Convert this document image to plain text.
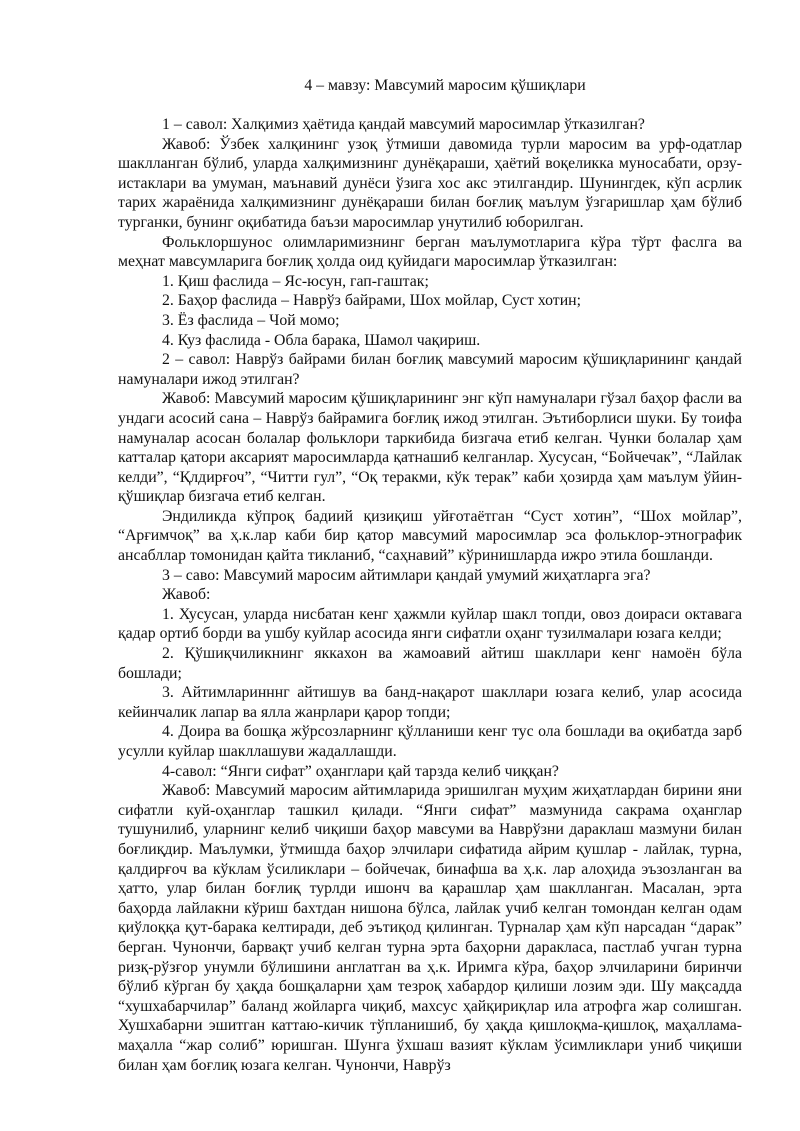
4 – мавзу: Мавсумий маросим қўшиқлари

1 – савол: Халқимиз ҳаётида қандай мавсумий маросимлар ўтказилган?

Жавоб: Ўзбек халқининг узоқ ўтмиши давомида турли маросим ва урф-одатлар шаклланган бўлиб, уларда халқимизнинг дунёқараши, ҳаётий воқеликка муносабати, орзу-истаклари ва умуман, маънавий дунёси ўзига хос акс этилгандир. Шунингдек, кўп асрлик тарих жараёнида халқимизнинг дунёқараши билан боғлиқ маълум ўзгаришлар ҳам бўлиб турганки, бунинг оқибатида баъзи маросимлар унутилиб юборилган.

Фольклоршунос олимларимизнинг берган маълумотларига кўра тўрт фаслга ва меҳнат мавсумларига боғлиқ ҳолда оид қуйидаги маросимлар ўтказилган:

1. Қиш фаслида – Яс-юсун, гап-гаштак;

2. Баҳор фаслида – Наврўз байрами, Шох мойлар, Суст хотин;

3. Ёз фаслида – Чой момо;

4. Куз фаслида - Обла барака, Шамол чақириш.

2 – савол: Наврўз байрами билан боғлиқ мавсумий маросим қўшиқларининг қандай намуналари ижод этилган?

Жавоб: Мавсумий маросим қўшиқларининг энг кўп намуналари гўзал баҳор фасли ва ундаги асосий сана – Наврўз байрамига боғлиқ ижод этилган. Эътиборлиси шуки. Бу тоифа намуналар асосан болалар фольклори таркибида бизгача етиб келган. Чунки болалар ҳам катталар қатори аксарият маросимларда қатнашиб келганлар. Хусусан, “Бойчечак”, “Лайлак келди”, “Қлдирғоч”, “Читти гул”, “Оқ теракми, кўк терак” каби ҳозирда ҳам маълум ўйин-қўшиқлар бизгача етиб келган.

Эндиликда кўпроқ бадиий қизиқиш уйғотаётган “Суст хотин”, “Шох мойлар”, “Арғимчоқ” ва ҳ.к.лар каби бир қатор мавсумий маросимлар эса фольклор-этнографик ансабллар томонидан қайта тикланиб, “саҳнавий” кўринишларда ижро этила бошланди.

3 – саво: Мавсумий маросим айтимлари қандай умумий жиҳатларга эга?

Жавоб:

1. Хусусан, уларда нисбатан кенг ҳажмли куйлар шакл топди, овоз доираси октавага қадар ортиб борди ва ушбу куйлар асосида янги сифатли оҳанг тузилмалари юзага келди;

2. Қўшиқчиликнинг яккахон ва жамоавий айтиш шакллари кенг намоён бўла бошлади;

3. Айтимларинннг айтишув ва банд-нақарот шакллари юзага келиб, улар асосида кейинчалик лапар ва ялла жанрлари қарор топди;

4. Доира ва бошқа жўрсозларнинг қўлланиши кенг тус ола бошлади ва оқибатда зарб усулли куйлар шакллашуви жадаллашди.

4-савол: “Янги сифат” оҳанглари қай тарзда келиб чиққан?

Жавоб: Мавсумий маросим айтимларида эришилган муҳим жиҳатлардан бирини яни сифатли куй-оҳанглар ташкил қилади. “Янги сифат” мазмунида сакрама оҳанглар тушунилиб, уларнинг келиб чиқиши баҳор мавсуми ва Наврўзни дараклаш мазмуни билан боғлиқдир. Маълумки, ўтмишда баҳор элчилари сифатида айрим қушлар - лайлак, турна, қалдирғоч ва кўклам ўсиликлари – бойчечак, бинафша ва ҳ.к. лар алоҳида эъзозланган ва ҳатто, улар билан боғлиқ турлди ишонч ва қарашлар ҳам шаклланган. Масалан, эрта баҳорда лайлакни кўриш бахтдан нишона бўлса, лайлак учиб келган томондан келган одам қиўлоққа қут-барака келтиради, деб эътиқод қилинган. Турналар ҳам кўп нарсадан “дарак” берган. Чунончи, барвақт учиб келган турна эрта баҳорни дараклаcа, пастлаб учган турна ризқ-рўзғор унумли бўлишини англатган ва ҳ.к. Иримга кўра, баҳор элчиларини биринчи бўлиб кўрган бу ҳақда бошқаларни ҳам тезроқ хабардор қилиши лозим эди. Шу мақсадда “хушхабарчилар” баланд жойларга чиқиб, махсус ҳайқириқлар ила атрофга жар солишган. Хушхабарни эшитган каттаю-кичик тўпланишиб, бу ҳақда қишлоқма-қишлоқ, маҳаллама-маҳалла “жар солиб” юришган. Шунга ўхшаш вазият кўклам ўсимликлари униб чиқиши билан ҳам боғлиқ юзага келган. Чунончи, Наврўз
